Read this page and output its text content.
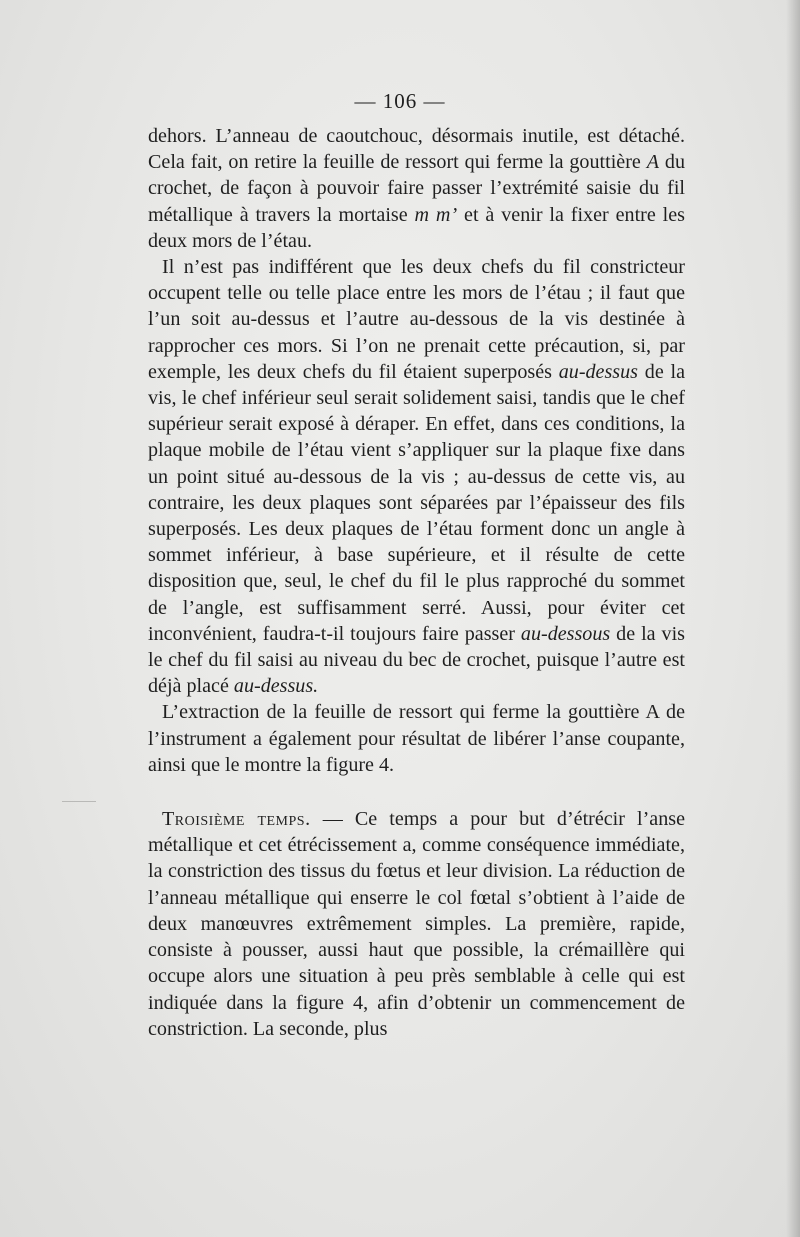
— 106 —

dehors. L’anneau de caoutchouc, désormais inutile, est détaché. Cela fait, on retire la feuille de ressort qui ferme la gouttière A du crochet, de façon à pouvoir faire passer l’extrémité saisie du fil métallique à travers la mortaise m m’ et à venir la fixer entre les deux mors de l’étau.

Il n’est pas indifférent que les deux chefs du fil constricteur occupent telle ou telle place entre les mors de l’étau ; il faut que l’un soit au-dessus et l’autre au-dessous de la vis destinée à rapprocher ces mors. Si l’on ne prenait cette précaution, si, par exemple, les deux chefs du fil étaient superposés au-dessus de la vis, le chef inférieur seul serait solidement saisi, tandis que le chef supérieur serait exposé à déraper. En effet, dans ces conditions, la plaque mobile de l’étau vient s’appliquer sur la plaque fixe dans un point situé au-dessous de la vis ; au-dessus de cette vis, au contraire, les deux plaques sont séparées par l’épaisseur des fils superposés. Les deux plaques de l’étau forment donc un angle à sommet inférieur, à base supérieure, et il résulte de cette disposition que, seul, le chef du fil le plus rapproché du sommet de l’angle, est suffisamment serré. Aussi, pour éviter cet inconvénient, faudra-t-il toujours faire passer au-dessous de la vis le chef du fil saisi au niveau du bec de crochet, puisque l’autre est déjà placé au-dessus.

L’extraction de la feuille de ressort qui ferme la gouttière A de l’instrument a également pour résultat de libérer l’anse coupante, ainsi que le montre la figure 4.

Troisième temps. — Ce temps a pour but d’étrécir l’anse métallique et cet étrécissement a, comme conséquence immédiate, la constriction des tissus du fœtus et leur division. La réduction de l’anneau métallique qui enserre le col fœtal s’obtient à l’aide de deux manœuvres extrêmement simples. La première, rapide, consiste à pousser, aussi haut que possible, la crémaillère qui occupe alors une situation à peu près semblable à celle qui est indiquée dans la figure 4, afin d’obtenir un commencement de constriction. La seconde, plus
